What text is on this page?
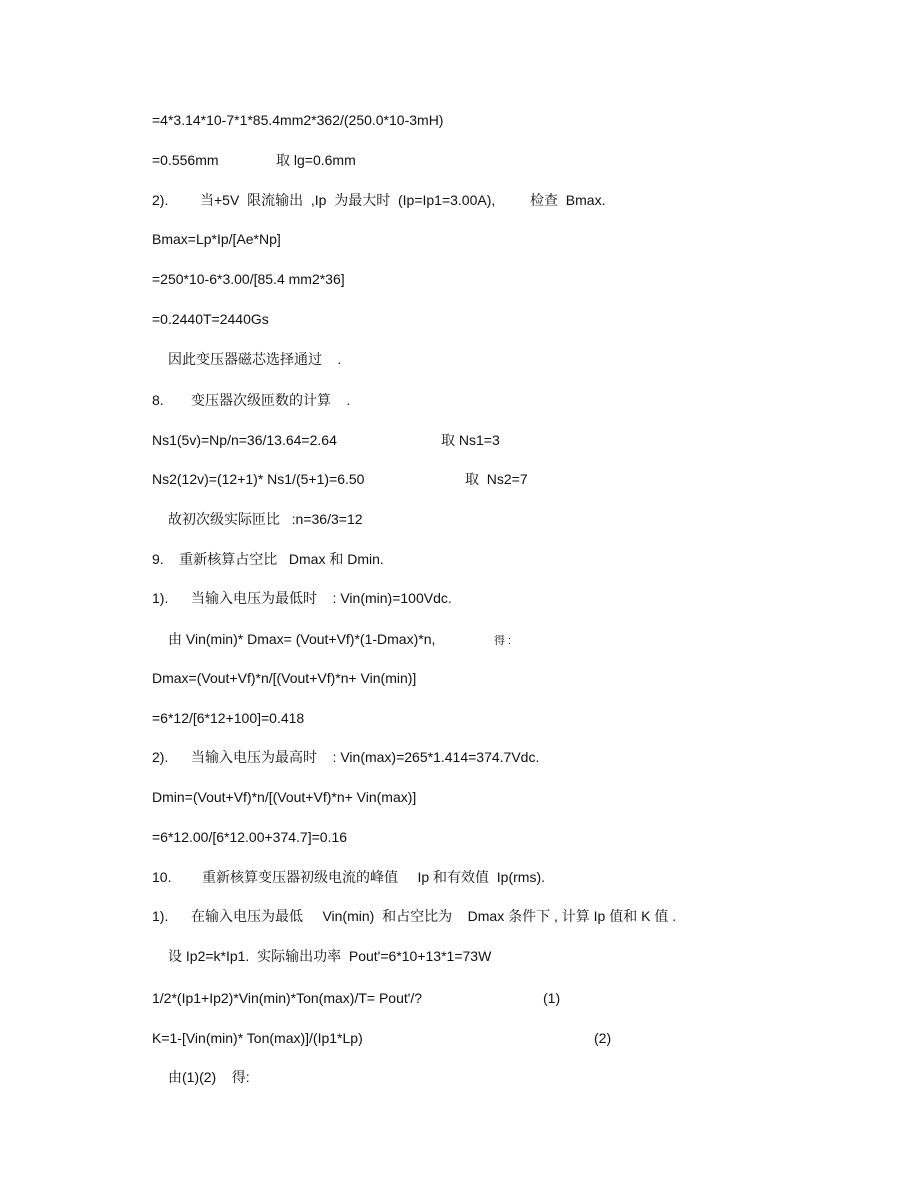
=4*3.14*10-7*1*85.4mm2*362/(250.0*10-3mH)

=0.556mm

	取 lg=0.6mm

2).

当+5V  限流输出  ,Ip  为最大时  (Ip=Ip1=3.00A),

检查  Bmax.

Bmax=Lp*Ip/[Ae*Np]

=250*10-6*3.00/[85.4 mm2*36]

=0.2440T=2440Gs

因此变压器磁芯选择通过    .

8.

变压器次级匝数的计算    .

Ns1(5v)=Np/n=36/13.64=2.64

	取 Ns1=3

Ns2(12v)=(12+1)* Ns1/(5+1)=6.50

	取  Ns2=7

故初次级实际匝比   :n=36/3=12

9.    重新核算占空比   Dmax 和 Dmin.

1).

当输入电压为最低时    : Vin(min)=100Vdc.

由 Vin(min)* Dmax= (Vout+Vf)*(1-Dmax)*n,

	得 :

Dmax=(Vout+Vf)*n/[(Vout+Vf)*n+ Vin(min)]

=6*12/[6*12+100]=0.418

2).

当输入电压为最高时    : Vin(max)=265*1.414=374.7Vdc.

Dmin=(Vout+Vf)*n/[(Vout+Vf)*n+ Vin(max)]

=6*12.00/[6*12.00+374.7]=0.16

10.

重新核算变压器初级电流的峰值     Ip 和有效值  Ip(rms).

1).

在输入电压为最低     Vin(min)  和占空比为    Dmax 条件下 , 计算 Ip 值和 K 值 .

设 Ip2=k*Ip1.  实际输出功率  Pout'=6*10+13*1=73W

1/2*(Ip1+Ip2)*Vin(min)*Ton(max)/T= Pout'/?

	(1)

K=1-[Vin(min)* Ton(max)]/(Ip1*Lp)

	(2)

由(1)(2)    得:
